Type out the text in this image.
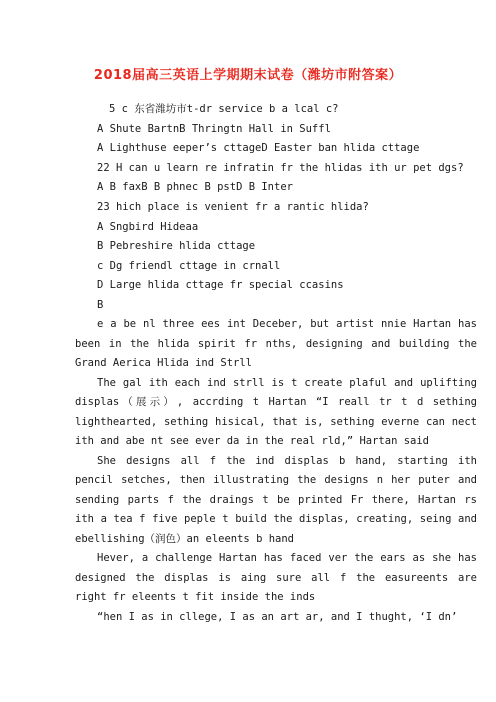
2018届高三英语上学期期末试卷（潍坊市附答案）

5 c 东省潍坊市t-dr service b a lcal c?

A Shute BartnB Thringtn Hall in Suffl

A Lighthuse eeper’s cttageD Easter ban hlida cttage

22 H can u learn re infratin fr the hlidas ith ur pet dgs?

A B faxB B phnec B pstD B Inter

23 hich place is venient fr a rantic hlida?

A Sngbird Hideaa

B Pebreshire hlida cttage

c Dg friendl cttage in crnall

D Large hlida cttage fr special ccasins

B

e a be nl three ees int Deceber, but artist nnie Hartan has been in the hlida spirit fr nths, designing and building the Grand Aerica Hlida ind Strll

The gal ith each ind strll is t create plaful and uplifting displas（展示）, accrding t Hartan “I reall tr t d sething lighthearted, sething hisical, that is, sething everne can nect ith and abe nt see ever da in the real rld,” Hartan said

She designs all f the ind displas b hand, starting ith pencil setches, then illustrating the designs n her puter and sending parts f the draings t be printed Fr there, Hartan rs ith a tea f five peple t build the displas, creating, seing and ebellishing（润色）an eleents b hand

Hever, a challenge Hartan has faced ver the ears as she has designed the displas is aing sure all f the easureents are right fr eleents t fit inside the inds

“hen I as in cllege, I as an art ar, and I thught, ‘I dn’
